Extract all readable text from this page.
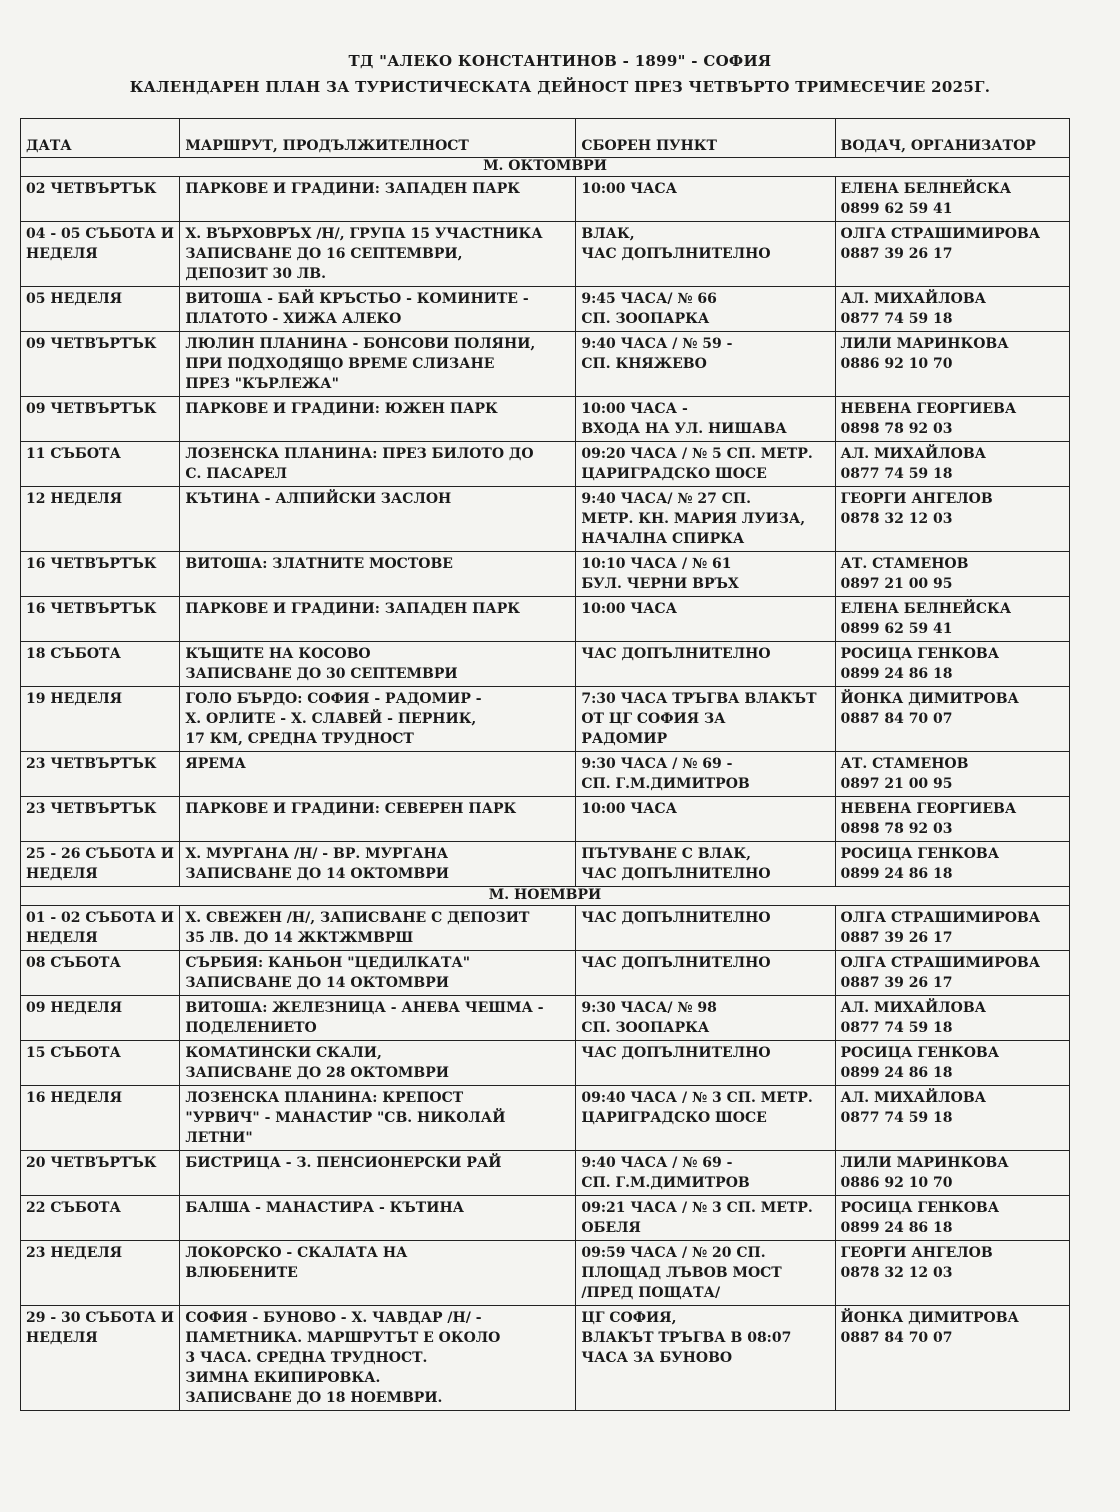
ТД "АЛЕКО КОНСТАНТИНОВ - 1899" - СОФИЯ
КАЛЕНДАРЕН ПЛАН ЗА ТУРИСТИЧЕСКАТА ДЕЙНОСТ ПРЕЗ ЧЕТВЪРТО ТРИМЕСЕЧИЕ 2025Г.
ДАТА	МАРШРУТ, ПРОДЪЛЖИТЕЛНОСТ	СБОРЕН ПУНКТ	ВОДАЧ, ОРГАНИЗАТОР
М. ОКТОМВРИ			

02 ЧЕТВЪРТЪК	ПАРКОВЕ И ГРАДИНИ: ЗАПАДЕН ПАРК	10:00 ЧАСА	ЕЛЕНА БЕЛНЕЙСКА
0899 62 59 41

04 - 05 СЪБОТА И
НЕДЕЛЯ	Х. ВЪРХОВРЪХ /Н/, ГРУПА 15 УЧАСТНИКА
ЗАПИСВАНЕ ДО 16 СЕПТЕМВРИ,
ДЕПОЗИТ 30 ЛВ.	ВЛАК,
ЧАС ДОПЪЛНИТЕЛНО	ОЛГА СТРАШИМИРОВА
0887 39 26 17

05 НЕДЕЛЯ	ВИТОША - БАЙ КРЪСТЬО - КОМИНИТЕ -
ПЛАТОТО - ХИЖА АЛЕКО	9:45 ЧАСА/ № 66
СП. ЗООПАРКА	АЛ. МИХАЙЛОВА
0877 74 59 18

09 ЧЕТВЪРТЪК	ЛЮЛИН ПЛАНИНА - БОНСОВИ ПОЛЯНИ,
ПРИ ПОДХОДЯЩО ВРЕМЕ СЛИЗАНЕ
ПРЕЗ "КЪРЛЕЖА"	9:40 ЧАСА / № 59 -
СП. КНЯЖЕВО	ЛИЛИ МАРИНКОВА
0886 92 10 70

09 ЧЕТВЪРТЪК	ПАРКОВЕ И ГРАДИНИ: ЮЖЕН ПАРК	10:00 ЧАСА -
ВХОДА НА УЛ. НИШАВА	НЕВЕНА ГЕОРГИЕВА
0898 78 92 03

11 СЪБОТА	ЛОЗЕНСКА ПЛАНИНА: ПРЕЗ БИЛОТО ДО
С. ПАСАРЕЛ	09:20 ЧАСА / № 5 СП. МЕТР.
ЦАРИГРАДСКО ШОСЕ	АЛ. МИХАЙЛОВА
0877 74 59 18

12 НЕДЕЛЯ	КЪТИНА - АЛПИЙСКИ ЗАСЛОН	9:40 ЧАСА/ № 27 СП.
МЕТР. КН. МАРИЯ ЛУИЗА,
НАЧАЛНА СПИРКА	ГЕОРГИ АНГЕЛОВ
0878 32 12 03

16 ЧЕТВЪРТЪК	ВИТОША: ЗЛАТНИТЕ МОСТОВЕ	10:10 ЧАСА / № 61
БУЛ. ЧЕРНИ ВРЪХ	АТ. СТАМЕНОВ
0897 21 00 95

16 ЧЕТВЪРТЪК	ПАРКОВЕ И ГРАДИНИ: ЗАПАДЕН ПАРК	10:00 ЧАСА	ЕЛЕНА БЕЛНЕЙСКА
0899 62 59 41

18 СЪБОТА	КЪЩИТЕ НА КОСОВО
ЗАПИСВАНЕ ДО 30 СЕПТЕМВРИ	ЧАС ДОПЪЛНИТЕЛНО	РОСИЦА ГЕНКОВА
0899 24 86 18

19 НЕДЕЛЯ	ГОЛО БЪРДО: СОФИЯ - РАДОМИР -
Х. ОРЛИТЕ - Х. СЛАВЕЙ - ПЕРНИК,
17 КМ, СРЕДНА ТРУДНОСТ	7:30 ЧАСА ТРЪГВА ВЛАКЪТ
ОТ ЦГ СОФИЯ ЗА
РАДОМИР	ЙОНКА ДИМИТРОВА
0887 84 70 07

23 ЧЕТВЪРТЪК	ЯРЕМА	9:30 ЧАСА / № 69 -
СП. Г.М.ДИМИТРОВ	АТ. СТАМЕНОВ
0897 21 00 95

23 ЧЕТВЪРТЪК	ПАРКОВЕ И ГРАДИНИ: СЕВЕРЕН ПАРК	10:00 ЧАСА	НЕВЕНА ГЕОРГИЕВА
0898 78 92 03

25 - 26 СЪБОТА И
НЕДЕЛЯ	Х. МУРГАНА /Н/ - ВР. МУРГАНА
ЗАПИСВАНЕ ДО 14 ОКТОМВРИ	ПЪТУВАНЕ С ВЛАК,
ЧАС ДОПЪЛНИТЕЛНО	РОСИЦА ГЕНКОВА
0899 24 86 18

М. НОЕМВРИ			

01 - 02 СЪБОТА И
НЕДЕЛЯ	Х. СВЕЖЕН /Н/, ЗАПИСВАНЕ С ДЕПОЗИТ
35 ЛВ. ДО 14 ЖКТЖМВРШ	ЧАС ДОПЪЛНИТЕЛНО	ОЛГА СТРАШИМИРОВА
0887 39 26 17

08 СЪБОТА	СЪРБИЯ: КАНЬОН "ЦЕДИЛКАТА"
ЗАПИСВАНЕ ДО 14 ОКТОМВРИ	ЧАС ДОПЪЛНИТЕЛНО	ОЛГА СТРАШИМИРОВА
0887 39 26 17

09 НЕДЕЛЯ	ВИТОША: ЖЕЛЕЗНИЦА - АНЕВА ЧЕШМА -
ПОДЕЛЕНИЕТО	9:30 ЧАСА/ № 98
СП. ЗООПАРКА	АЛ. МИХАЙЛОВА
0877 74 59 18

15 СЪБОТА	КОМАТИНСКИ СКАЛИ,
ЗАПИСВАНЕ ДО 28 ОКТОМВРИ	ЧАС ДОПЪЛНИТЕЛНО	РОСИЦА ГЕНКОВА
0899 24 86 18

16 НЕДЕЛЯ	ЛОЗЕНСКА ПЛАНИНА: КРЕПОСТ
"УРВИЧ" - МАНАСТИР "СВ. НИКОЛАЙ
ЛЕТНИ"	09:40 ЧАСА / № 3 СП. МЕТР.
ЦАРИГРАДСКО ШОСЕ	АЛ. МИХАЙЛОВА
0877 74 59 18

20 ЧЕТВЪРТЪК	БИСТРИЦА - З. ПЕНСИОНЕРСКИ РАЙ	9:40 ЧАСА / № 69 -
СП. Г.М.ДИМИТРОВ	ЛИЛИ МАРИНКОВА
0886 92 10 70

22 СЪБОТА	БАЛША - МАНАСТИРА - КЪТИНА	09:21 ЧАСА / № 3 СП. МЕТР.
ОБЕЛЯ	РОСИЦА ГЕНКОВА
0899 24 86 18

23 НЕДЕЛЯ	ЛОКОРСКО - СКАЛАТА НА
ВЛЮБЕНИТЕ	09:59 ЧАСА / № 20 СП.
ПЛОЩАД ЛЪВОВ МОСТ
/ПРЕД ПОЩАТА/	ГЕОРГИ АНГЕЛОВ
0878 32 12 03

29 - 30 СЪБОТА И
НЕДЕЛЯ	СОФИЯ - БУНОВО - Х. ЧАВДАР /Н/ -
ПАМЕТНИКА. МАРШРУТЪТ Е ОКОЛО
3 ЧАСА. СРЕДНА ТРУДНОСТ.
ЗИМНА ЕКИПИРОВКА.
ЗАПИСВАНЕ ДО 18 НОЕМВРИ.	ЦГ СОФИЯ,
ВЛАКЪТ ТРЪГВА В 08:07
ЧАСА ЗА БУНОВО	ЙОНКА ДИМИТРОВА
0887 84 70 07
